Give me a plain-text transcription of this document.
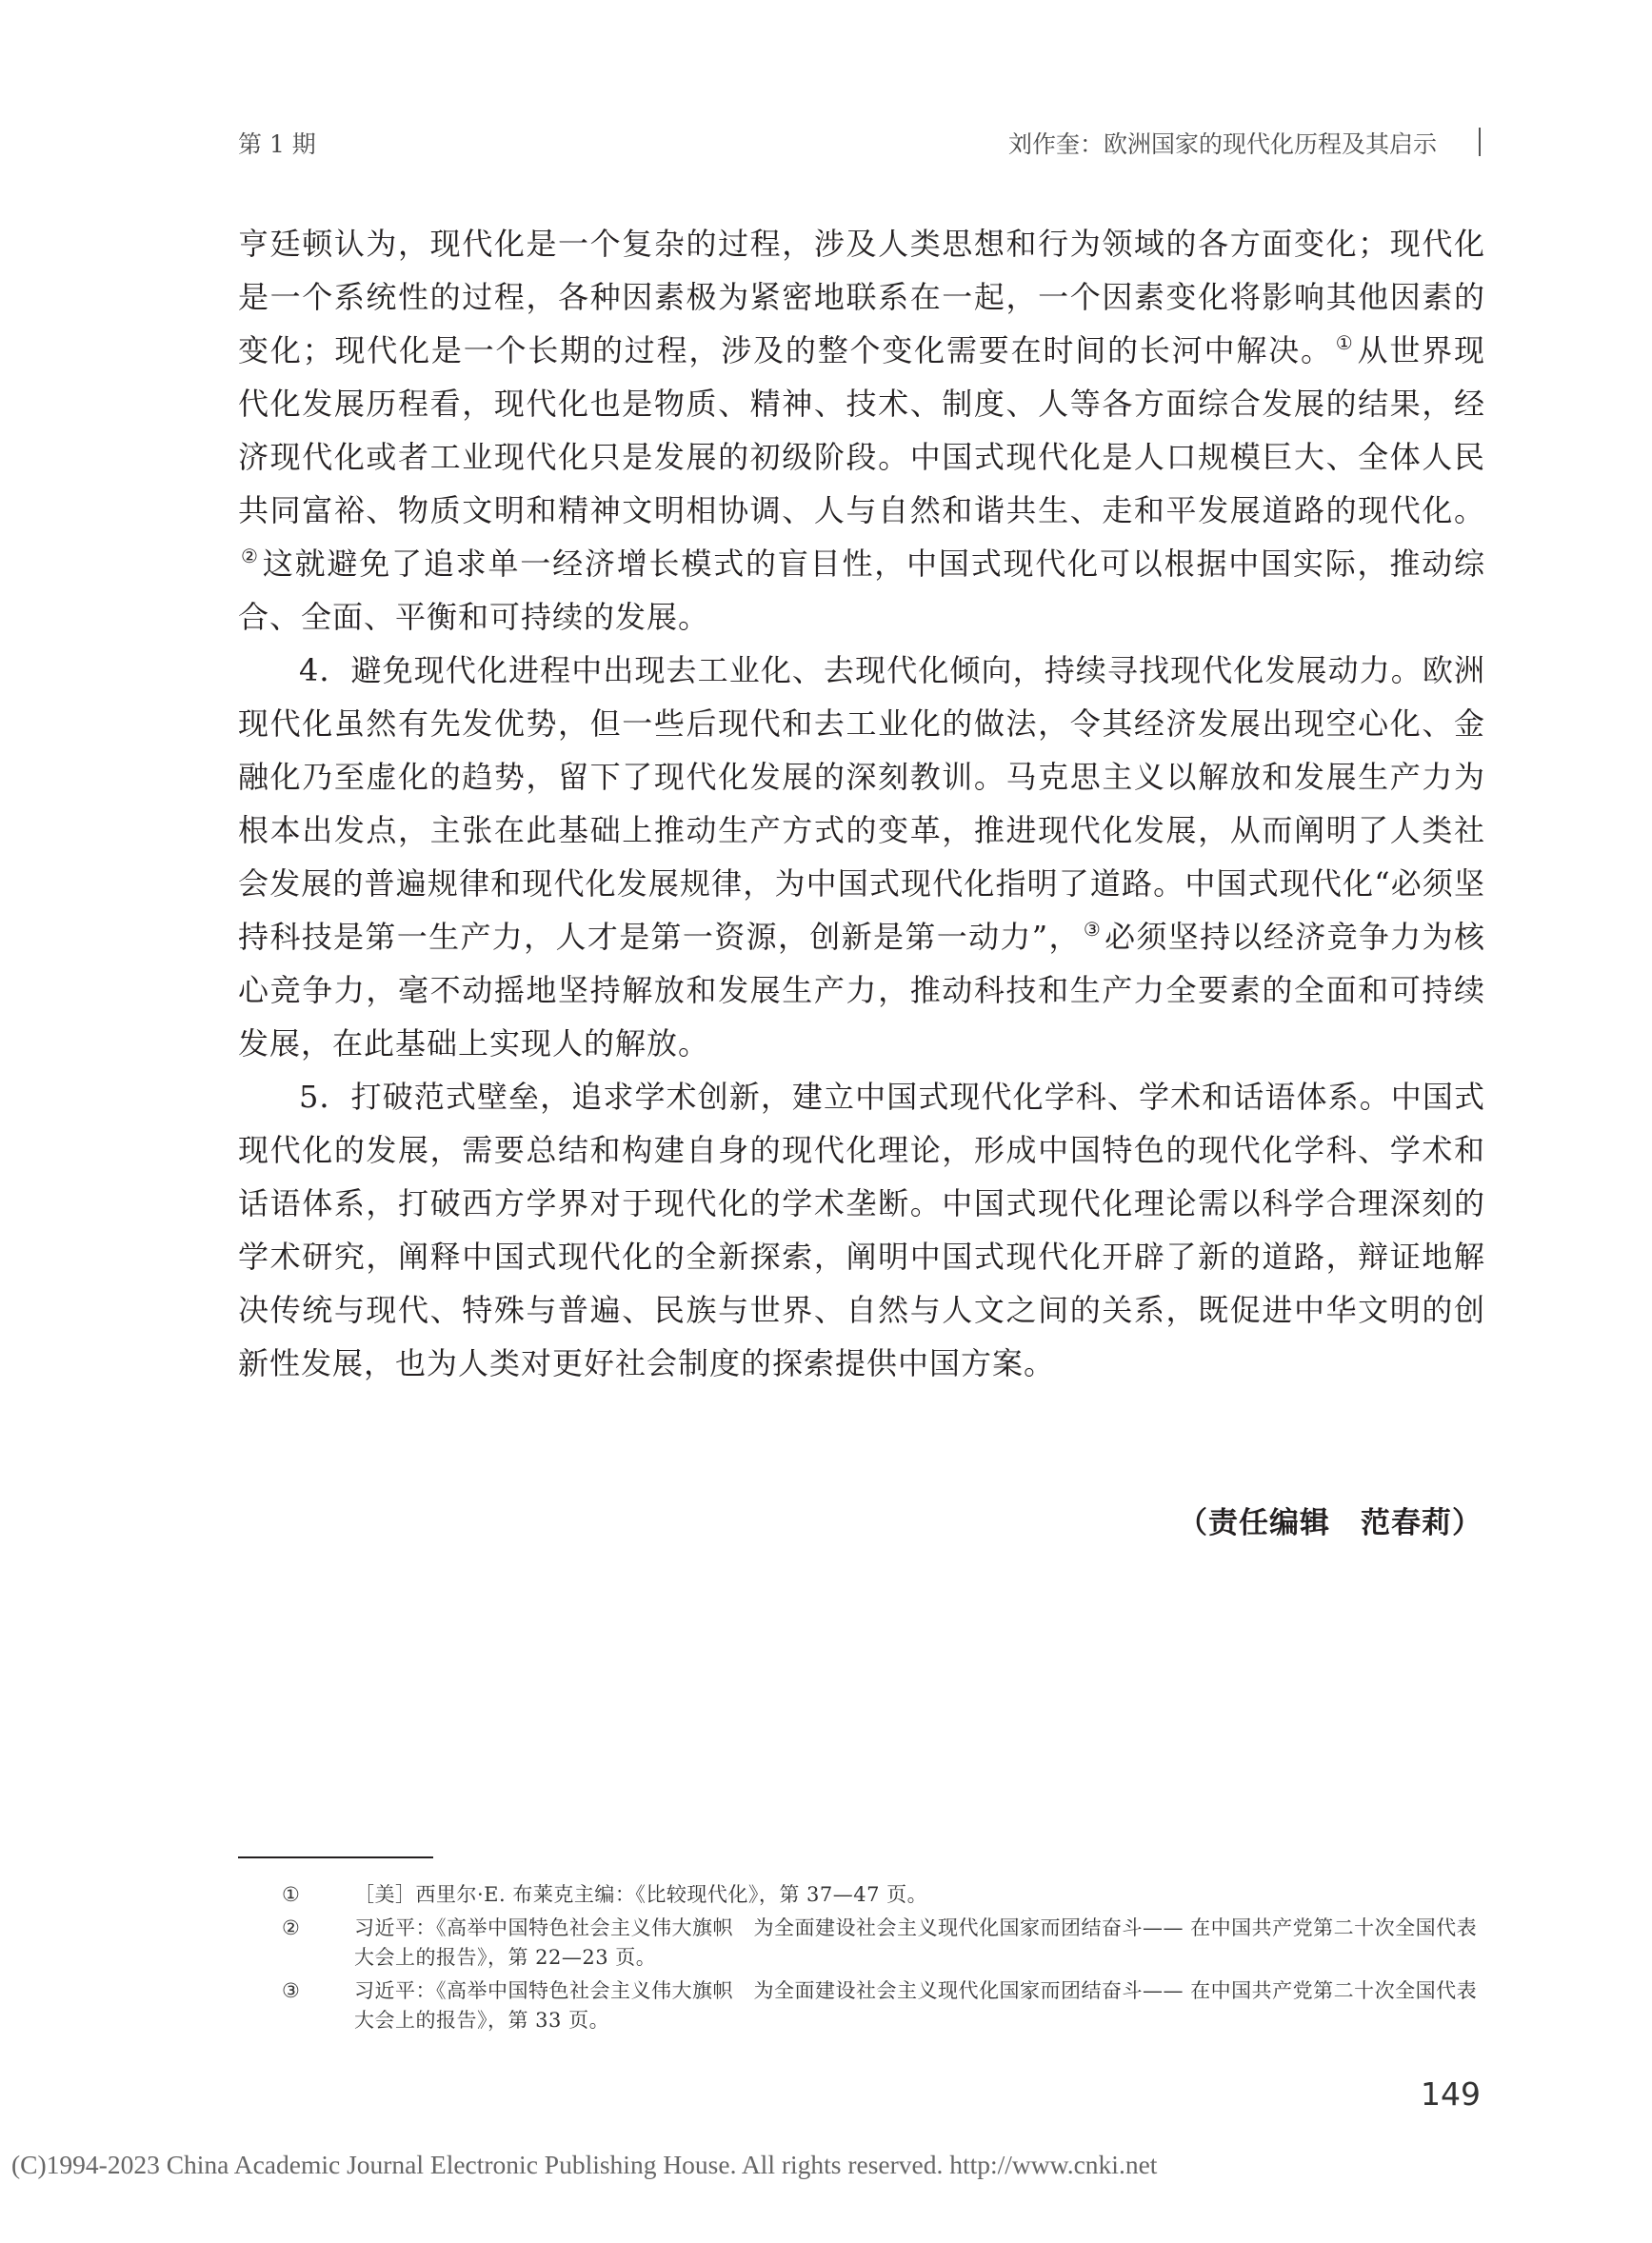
第 1 期	刘作奎：欧洲国家的现代化历程及其启示

亨廷顿认为，现代化是一个复杂的过程，涉及人类思想和行为领域的各方面变化；现代化是一个系统性的过程，各种因素极为紧密地联系在一起，一个因素变化将影响其他因素的变化；现代化是一个长期的过程，涉及的整个变化需要在时间的长河中解决。 ①从世界现代化发展历程看，现代化也是物质、精神、技术、制度、人等各方面综合发展的结果，经济现代化或者工业现代化只是发展的初级阶段。中国式现代化是人口规模巨大、全体人民共同富裕、物质文明和精神文明相协调、人与自然和谐共生、走和平发展道路的现代化。②这就避免了追求单一经济增长模式的盲目性，中国式现代化可以根据中国实际，推动综合、全面、平衡和可持续的发展。

4．避免现代化进程中出现去工业化、去现代化倾向，持续寻找现代化发展动力。欧洲现代化虽然有先发优势，但一些后现代和去工业化的做法，令其经济发展出现空心化、金融化乃至虚化的趋势，留下了现代化发展的深刻教训。马克思主义以解放和发展生产力为根本出发点，主张在此基础上推动生产方式的变革，推进现代化发展，从而阐明了人类社会发展的普遍规律和现代化发展规律，为中国式现代化指明了道路。中国式现代化“必须坚持科技是第一生产力，人才是第一资源，创新是第一动力”， ③必须坚持以经济竞争力为核心竞争力，毫不动摇地坚持解放和发展生产力，推动科技和生产力全要素的全面和可持续发展，在此基础上实现人的解放。

5．打破范式壁垒，追求学术创新，建立中国式现代化学科、学术和话语体系。中国式现代化的发展，需要总结和构建自身的现代化理论，形成中国特色的现代化学科、学术和话语体系，打破西方学界对于现代化的学术垄断。中国式现代化理论需以科学合理深刻的学术研究，阐释中国式现代化的全新探索，阐明中国式现代化开辟了新的道路，辩证地解决传统与现代、特殊与普遍、民族与世界、自然与人文之间的关系，既促进中华文明的创新性发展，也为人类对更好社会制度的探索提供中国方案。

（责任编辑　范春莉）
①	［美］西里尔·E. 布莱克主编：《比较现代化》，第 37—47 页。
②	习近平：《高举中国特色社会主义伟大旗帜　为全面建设社会主义现代化国家而团结奋斗—— 在中国共产党第二十次全国代表大会上的报告》，第 22—23 页。
③	习近平：《高举中国特色社会主义伟大旗帜　为全面建设社会主义现代化国家而团结奋斗—— 在中国共产党第二十次全国代表大会上的报告》，第 33 页。
149
(C)1994-2023 China Academic Journal Electronic Publishing House. All rights reserved. http://www.cnki.net
